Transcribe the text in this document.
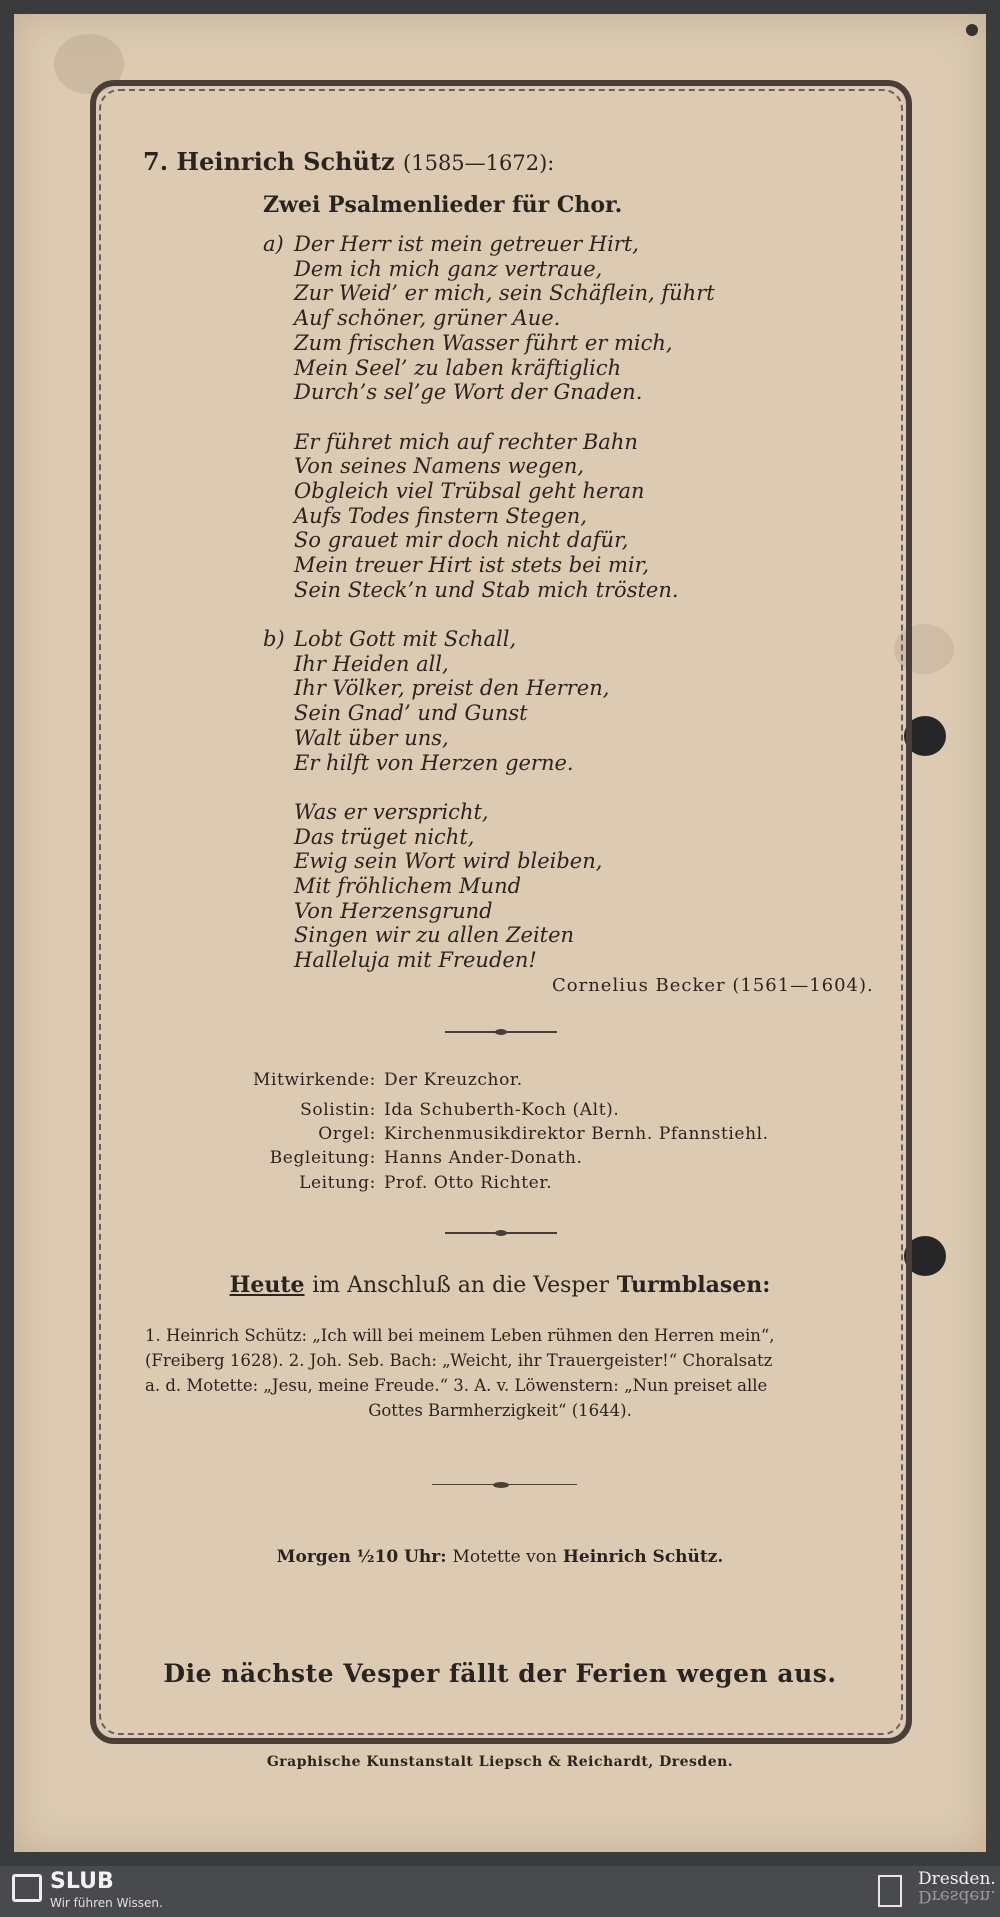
7. Heinrich Schütz (1585—1672):
Zwei Psalmenlieder für Chor.
a) Der Herr ist mein getreuer Hirt,
Dem ich mich ganz vertraue,
Zur Weid’ er mich, sein Schäflein, führt
Auf schöner, grüner Aue.
Zum frischen Wasser führt er mich,
Mein Seel’ zu laben kräftiglich
Durch’s sel’ge Wort der Gnaden.
Er führet mich auf rechter Bahn
Von seines Namens wegen,
Obgleich viel Trübsal geht heran
Aufs Todes finstern Stegen,
So grauet mir doch nicht dafür,
Mein treuer Hirt ist stets bei mir,
Sein Steck’n und Stab mich trösten.
b) Lobt Gott mit Schall,
Ihr Heiden all,
Ihr Völker, preist den Herren,
Sein Gnad’ und Gunst
Walt über uns,
Er hilft von Herzen gerne.
Was er verspricht,
Das trüget nicht,
Ewig sein Wort wird bleiben,
Mit fröhlichem Mund
Von Herzensgrund
Singen wir zu allen Zeiten
Halleluja mit Freuden!
Cornelius Becker (1561—1604).
Mitwirkende: Der Kreuzchor.
Solistin: Ida Schuberth-Koch (Alt).
Orgel: Kirchenmusikdirektor Bernh. Pfannstiehl.
Begleitung: Hanns Ander-Donath.
Leitung: Prof. Otto Richter.
Heute im Anschluß an die Vesper Turmblasen:
1. Heinrich Schütz: „Ich will bei meinem Leben rühmen den Herren mein“,
(Freiberg 1628). 2. Joh. Seb. Bach: „Weicht, ihr Trauergeister!“ Choralsatz
a. d. Motette: „Jesu, meine Freude.“ 3. A. v. Löwenstern: „Nun preiset alle
Gottes Barmherzigkeit“ (1644).
Morgen ½10 Uhr: Motette von Heinrich Schütz.
Die nächste Vesper fällt der Ferien wegen aus.
Graphische Kunstanstalt Liepsch & Reichardt, Dresden.
SLUB
Wir führen Wissen.
Dresden.
Dresden.
